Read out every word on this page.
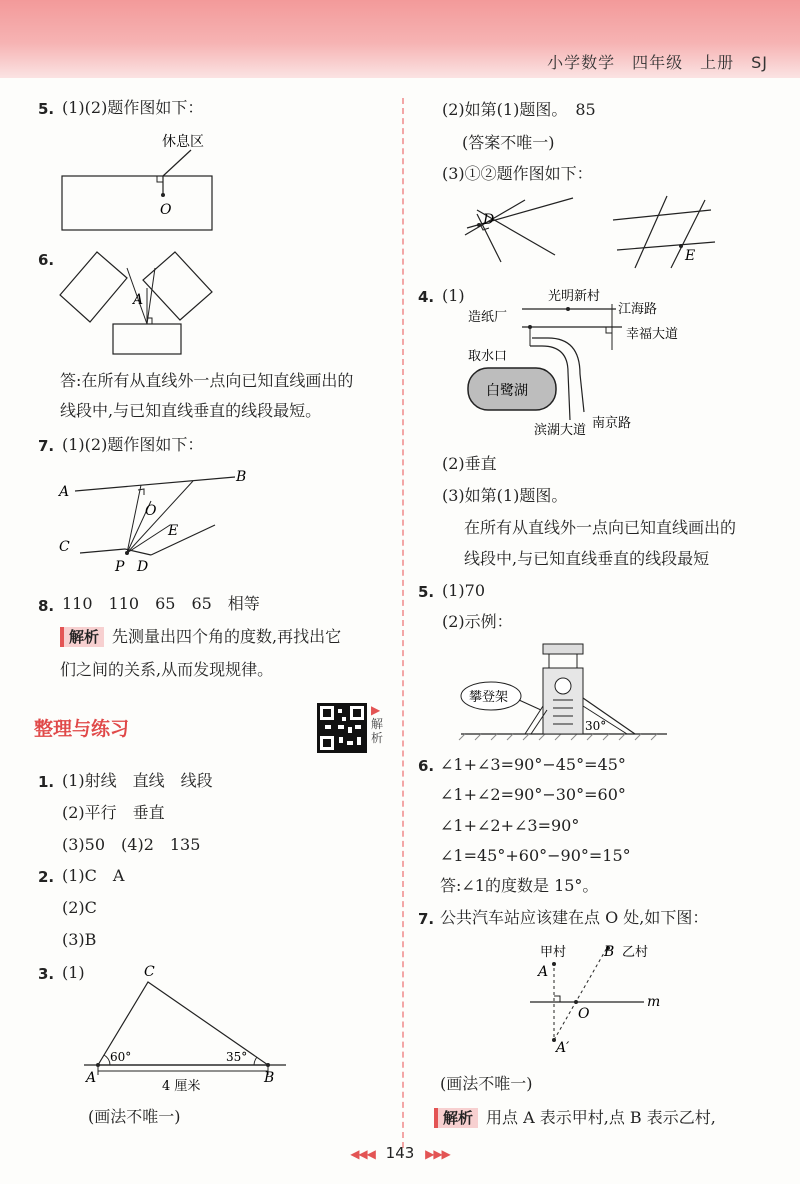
小学数学　四年级　上册　SJ
5. (1)(2)题作图如下：
休息区
O
6.
A
答:在所有从直线外一点向已知直线画出的
线段中,与已知直线垂直的线段最短。
7. (1)(2)题作图如下：
A
B
O
E
C
P D
8. 110　110　65　65　相等
解析 先测量出四个角的度数,再找出它
们之间的关系,从而发现规律。
整理与练习
▶
解
析
1. (1)射线　直线　线段
(2)平行　垂直
(3)50　(4)2　135
2. (1)C　A
(2)C
(3)B
3. (1)	C
A	B
60°	35°
4 厘米
(画法不唯一)
(2)如第(1)题图。　85
(答案不唯一)
(3)①②题作图如下：
D
E
4. (1)	光明新村
江海路
造纸厂
幸福大道
取水口
白鹭湖
滨湖大道 南京路
(2)垂直
(3)如第(1)题图。
在所有从直线外一点向已知直线画出的
线段中,与已知直线垂直的线段最短
5. (1)70
(2)示例：
攀登架
30°
6. ∠1+∠3=90°−45°=45°
∠1+∠2=90°−30°=60°
∠1+∠2+∠3=90°
∠1=45°+60°−90°=15°
答:∠1的度数是 15°。
7. 公共汽车站应该建在点 O 处,如下图：
甲村	B 乙村
A
m
O
A′
(画法不唯一)
解析 用点 A 表示甲村,点 B 表示乙村,
◀◀◀ 143 ▶▶▶
